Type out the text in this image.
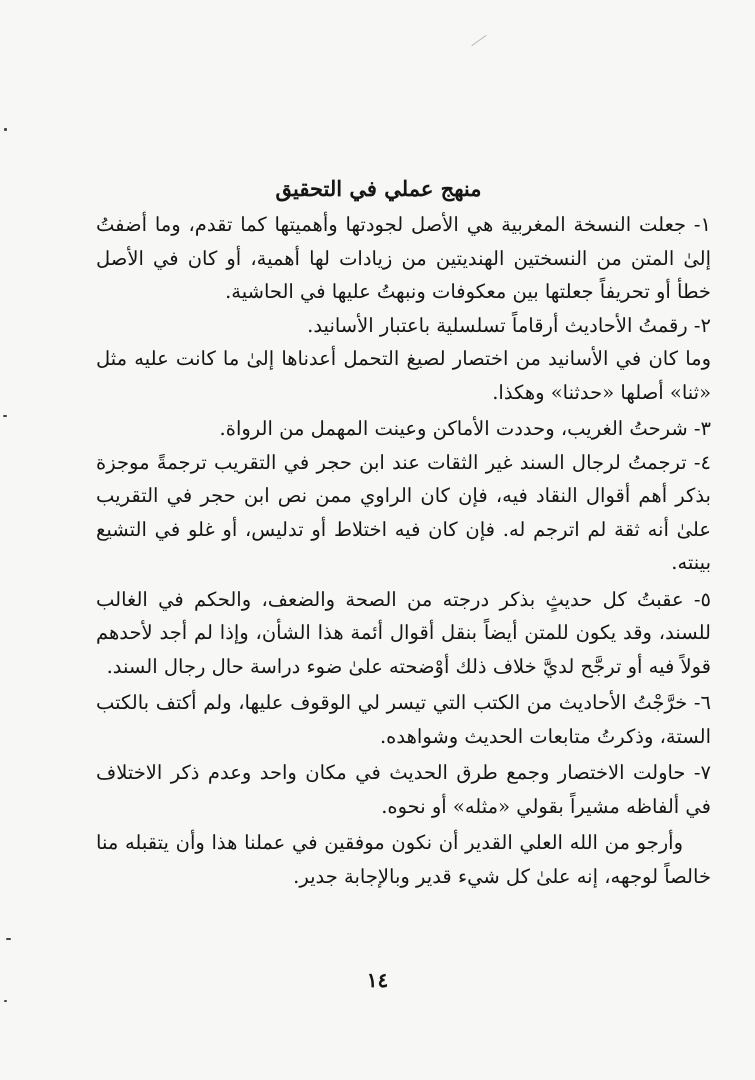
منهج عملي في التحقيق

١- جعلت النسخة المغربية هي الأصل لجودتها وأهميتها كما تقدم، وما أضفتُ إلىٰ المتن من النسختين الهنديتين من زيادات لها أهمية، أو كان في الأصل خطأ أو تحريفاً جعلتها بين معكوفات ونبهتُ عليها في الحاشية.

٢- رقمتُ الأحاديث أرقاماً تسلسلية باعتبار الأسانيد.

وما كان في الأسانيد من اختصار لصيغ التحمل أعدناها إلىٰ ما كانت عليه مثل «ثنا» أصلها «حدثنا» وهكذا.

٣- شرحتُ الغريب، وحددت الأماكن وعينت المهمل من الرواة.

٤- ترجمتُ لرجال السند غير الثقات عند ابن حجر في التقريب ترجمةً موجزة بذكر أهم أقوال النقاد فيه، فإن كان الراوي ممن نص ابن حجر في التقريب علىٰ أنه ثقة لم اترجم له. فإن كان فيه اختلاط أو تدليس، أو غلو في التشيع بينته.

٥- عقبتُ كل حديثٍ بذكر درجته من الصحة والضعف، والحكم في الغالب للسند، وقد يكون للمتن أيضاً بنقل أقوال أئمة هذا الشأن، وإذا لم أجد لأحدهم قولاً فيه أو ترجَّح لديَّ خلاف ذلك أوْضحته علىٰ ضوء دراسة حال رجال السند.

٦- خرَّجْتُ الأحاديث من الكتب التي تيسر لي الوقوف عليها، ولم أكتف بالكتب الستة، وذكرتُ متابعات الحديث وشواهده.

٧- حاولت الاختصار وجمع طرق الحديث في مكان واحد وعدم ذكر الاختلاف في ألفاظه مشيراً بقولي «مثله» أو نحوه.

وأرجو من الله العلي القدير أن نكون موفقين في عملنا هذا وأن يتقبله منا خالصاً لوجهه، إنه علىٰ كل شيء قدير وبالإجابة جدير.

١٤
